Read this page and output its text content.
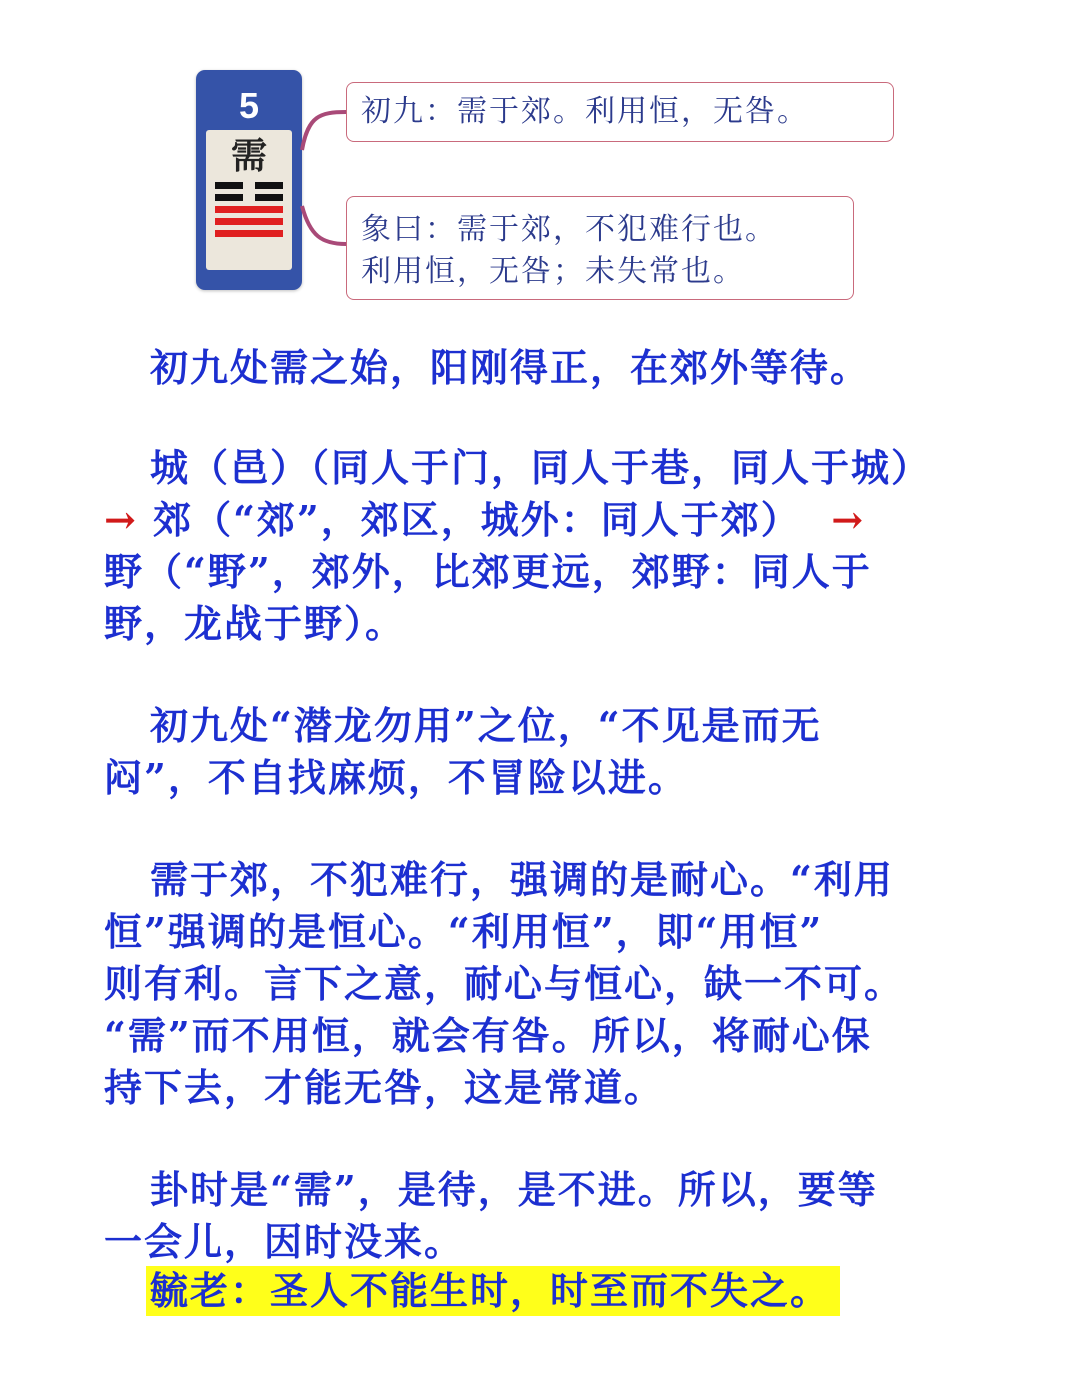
5
需
初九：需于郊。利用恒，无咎。
象曰：需于郊，不犯难行也。
利用恒，无咎；未失常也。
初九处需之始，阳刚得正，在郊外等待。
城（邑）（同人于门，同人于巷，同人于城）
→ 郊（“郊”，郊区，城外：同人于郊） →
野（“野”，郊外，比郊更远，郊野：同人于
野，龙战于野）。
初九处“潜龙勿用”之位，“不见是而无
闷”，不自找麻烦，不冒险以进。
需于郊，不犯难行，强调的是耐心。“利用
恒”强调的是恒心。“利用恒”，即“用恒”
则有利。言下之意，耐心与恒心，缺一不可。
“需”而不用恒，就会有咎。所以，将耐心保
持下去，才能无咎，这是常道。
卦时是“需”，是待，是不进。所以，要等
一会儿，因时没来。
毓老：圣人不能生时，时至而不失之。
